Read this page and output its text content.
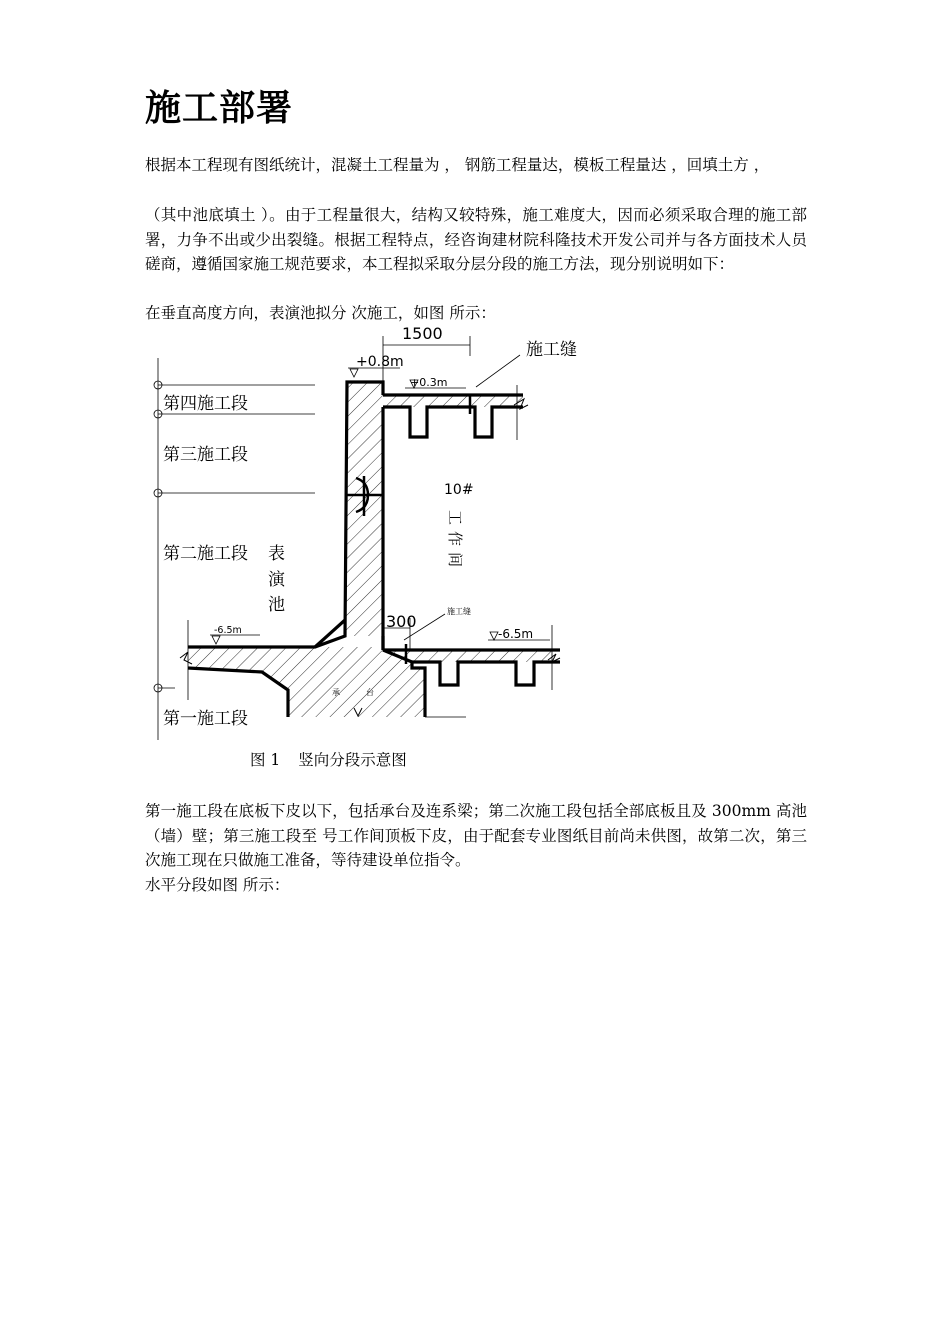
施工部署

根据本工程现有图纸统计，混凝土工程量为 ， 钢筋工程量达，模板工程量达 ，回填土方 ，

（其中池底填土 ）。由于工程量很大，结构又较特殊，施工难度大，因而必须采取合理的施工部署，力争不出或少出裂缝。根据工程特点，经咨询建材院科隆技术开发公司并与各方面技术人员磋商，遵循国家施工规范要求，本工程拟采取分层分段的施工方法，现分别说明如下：

在垂直高度方向，表演池拟分 次施工，如图 所示：

第四施工段
第三施工段
第二施工段
第一施工段
表
演
池
1500
+0.8m
+0.3m
-6.5m	-6.5m
300
施工缝
施工缝
10#
工
作
间
承	台

图 1 竖向分段示意图

第一施工段在底板下皮以下，包括承台及连系梁；第二次施工段包括全部底板且及 300mm 高池（墙）壁；第三施工段至 号工作间顶板下皮，由于配套专业图纸目前尚未供图，故第二次，第三次施工现在只做施工准备，等待建设单位指令。

水平分段如图 所示：
